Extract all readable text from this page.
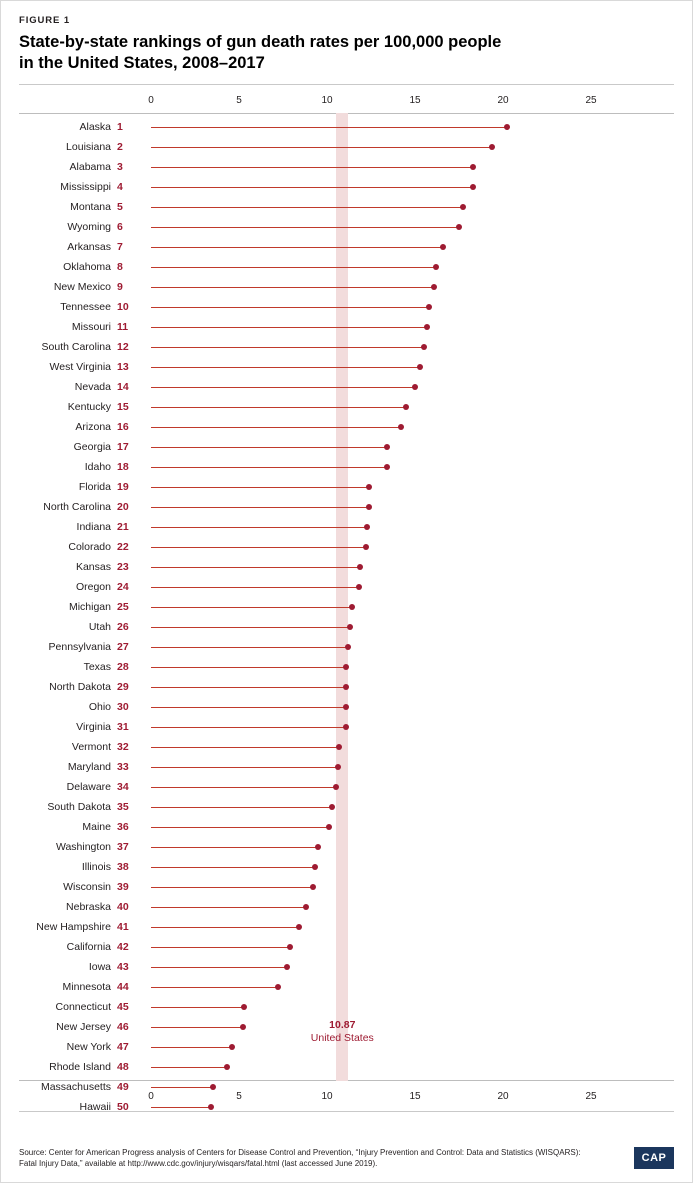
FIGURE 1
State-by-state rankings of gun death rates per 100,000 people
in the United States, 2008–2017
0	5	10	15	20	25
Alaska 1
Louisiana 2
Alabama 3
Mississippi 4
Montana 5
Wyoming 6
Arkansas 7
Oklahoma 8
New Mexico 9
Tennessee 10
Missouri 11
South Carolina 12
West Virginia 13
Nevada 14
Kentucky 15
Arizona 16
Georgia 17
Idaho 18
Florida 19
North Carolina 20
Indiana 21
Colorado 22
Kansas 23
Oregon 24
Michigan 25
Utah 26
Pennsylvania 27
Texas 28
North Dakota 29
Ohio 30
Virginia 31
Vermont 32
Maryland 33
Delaware 34
South Dakota 35
Maine 36
Washington 37
Illinois 38
Wisconsin 39
Nebraska 40
New Hampshire 41
California 42
Iowa 43
Minnesota 44
Connecticut 45
New Jersey 46
New York 47
Rhode Island 48
Massachusetts 49
Hawaii 50
10.87
United States
0	5	10	15	20	25
Source: Center for American Progress analysis of Centers for Disease Control and Prevention, “Injury Prevention and Control: Data and Statistics (WISQARS): Fatal Injury Data,” available at http://www.cdc.gov/injury/wisqars/fatal.html (last accessed June 2019).
CAP
